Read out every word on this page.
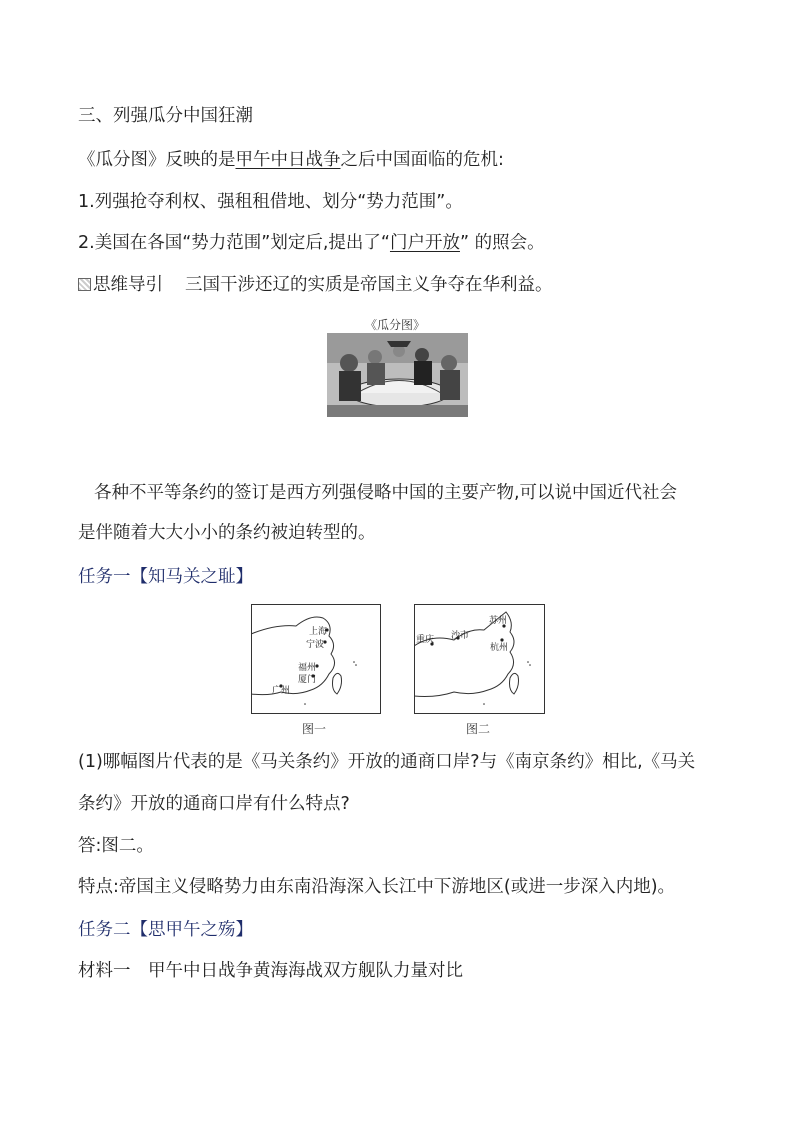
三、列强瓜分中国狂潮
《瓜分图》反映的是甲午中日战争之后中国面临的危机:
1.列强抢夺利权、强租租借地、划分“势力范围”。
2.美国在各国“势力范围”划定后,提出了“门户开放” 的照会。
思维导引 三国干涉还辽的实质是帝国主义争夺在华利益。
《瓜分图》
各种不平等条约的签订是西方列强侵略中国的主要产物,可以说中国近代社会
是伴随着大大小小的条约被迫转型的。
任务一【知马关之耻】
上海
宁波
福州
厦门
广州
图一
苏州
重庆 沙市
杭州
图二
(1)哪幅图片代表的是《马关条约》开放的通商口岸?与《南京条约》相比,《马关
条约》开放的通商口岸有什么特点?
答:图二。
特点:帝国主义侵略势力由东南沿海深入长江中下游地区(或进一步深入内地)。
任务二【思甲午之殇】
材料一　甲午中日战争黄海海战双方舰队力量对比
